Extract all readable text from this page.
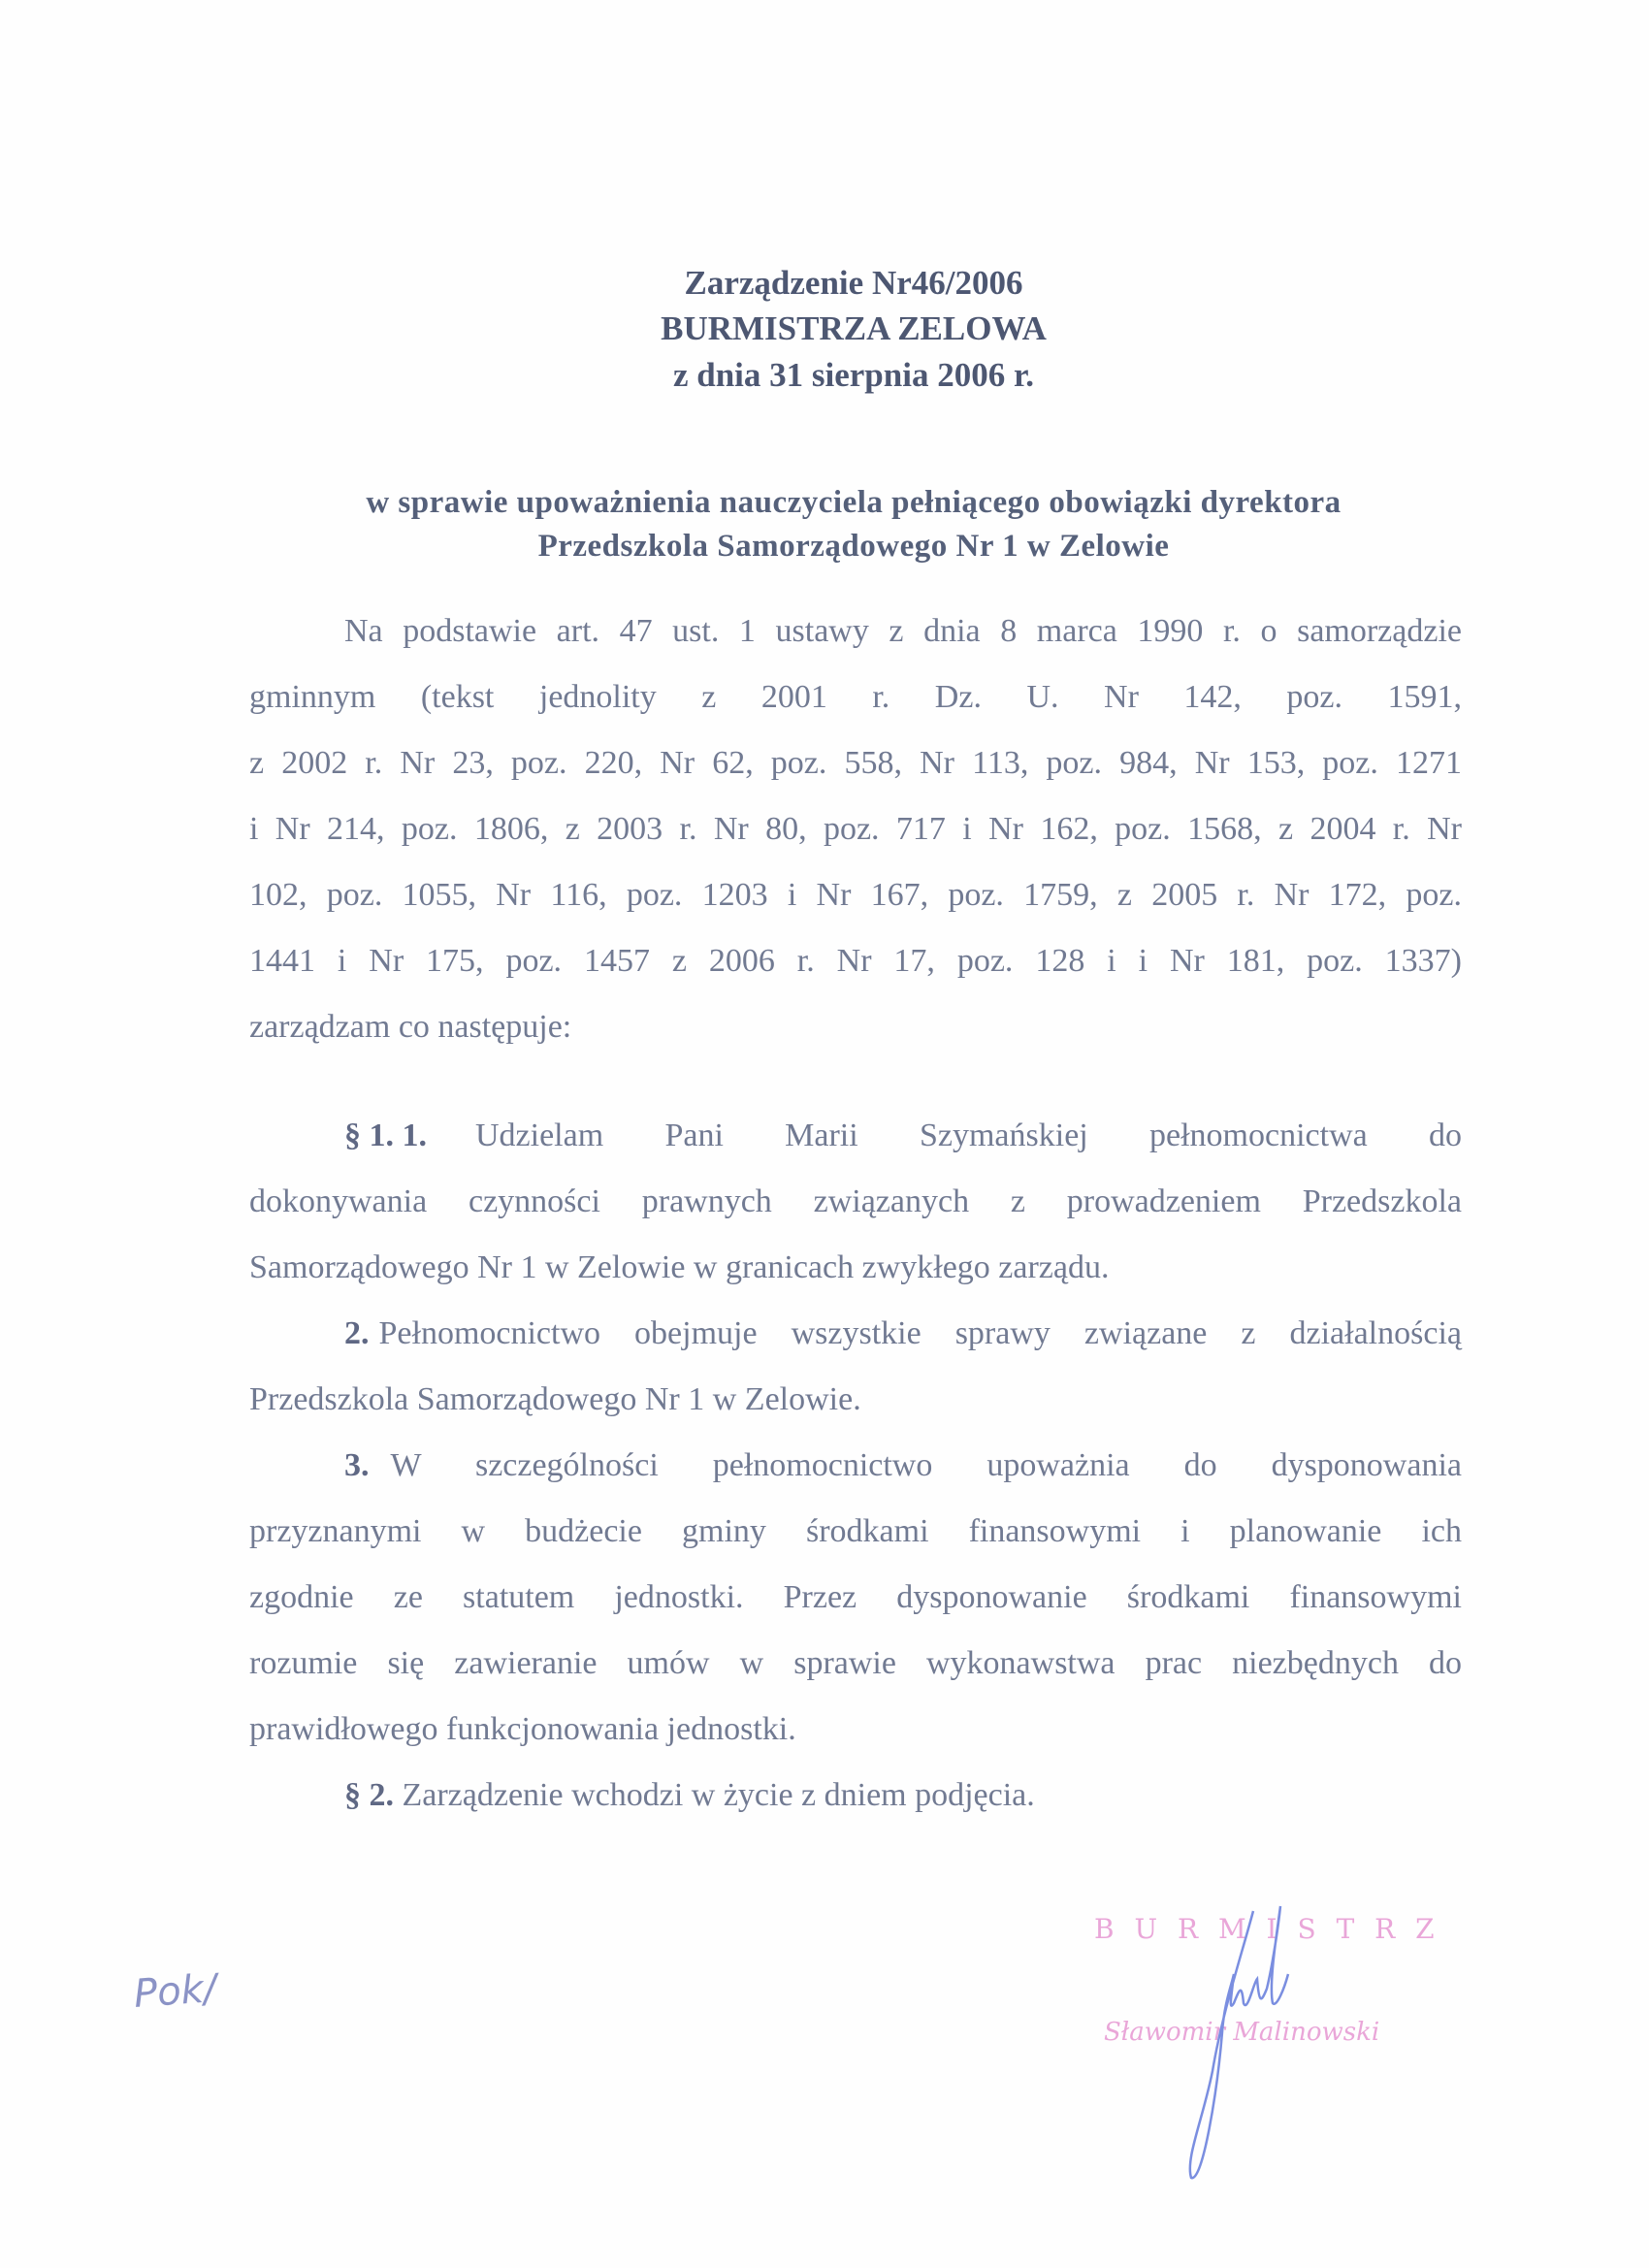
Zarządzenie Nr46/2006
BURMISTRZA ZELOWA
z dnia 31 sierpnia 2006 r.
w sprawie upoważnienia nauczyciela pełniącego obowiązki dyrektora
Przedszkola Samorządowego Nr 1 w Zelowie
Na podstawie art. 47 ust. 1 ustawy z dnia 8 marca 1990 r. o samorządzie
gminnym (tekst jednolity z 2001 r. Dz. U. Nr 142, poz. 1591,
z 2002 r. Nr 23, poz. 220, Nr 62, poz. 558, Nr 113, poz. 984, Nr 153, poz. 1271
i Nr 214, poz. 1806, z 2003 r. Nr 80, poz. 717 i Nr 162, poz. 1568, z 2004 r. Nr
102, poz. 1055, Nr 116, poz. 1203 i Nr 167, poz. 1759, z 2005 r. Nr 172, poz.
1441 i Nr 175, poz. 1457 z 2006 r. Nr 17, poz. 128 i i Nr 181, poz. 1337)
zarządzam co następuje:
§ 1. 1. Udzielam Pani Marii Szymańskiej pełnomocnictwa do
dokonywania czynności prawnych związanych z prowadzeniem Przedszkola
Samorządowego Nr 1 w Zelowie w granicach zwykłego zarządu.
2. Pełnomocnictwo obejmuje wszystkie sprawy związane z działalnością
Przedszkola Samorządowego Nr 1 w Zelowie.
3. W szczególności pełnomocnictwo upoważnia do dysponowania
przyznanymi w budżecie gminy środkami finansowymi i planowanie ich
zgodnie ze statutem jednostki. Przez dysponowanie środkami finansowymi
rozumie się zawieranie umów w sprawie wykonawstwa prac niezbędnych do
prawidłowego funkcjonowania jednostki.
§ 2. Zarządzenie wchodzi w życie z dniem podjęcia.
B U R M I S T R Z
Sławomir Malinowski
Pok/
